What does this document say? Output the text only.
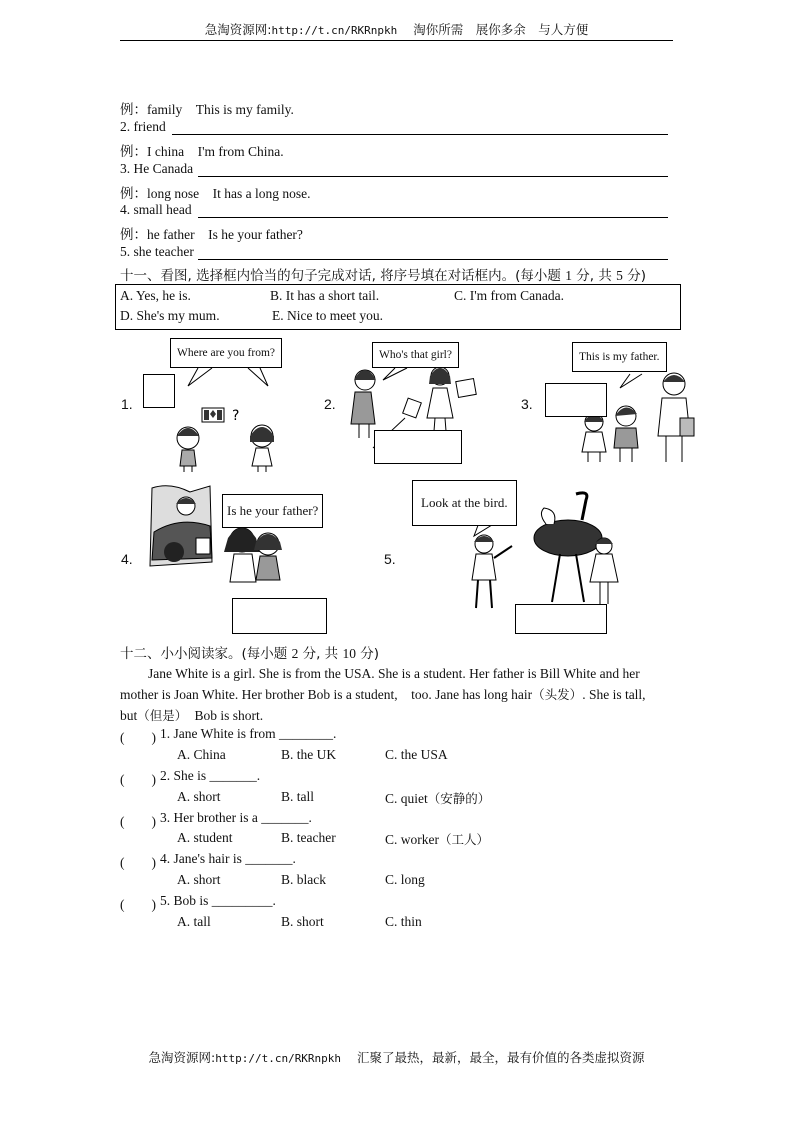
急淘资源网:http://t.cn/RKRnpkh 淘你所需　展你多余　与人方便
例：family　This is my family.
2. friend
例：I china　I'm from China.
3. He Canada
例：long nose　It has a long nose.
4. small head
例：he father　Is he your father?
5. she teacher
十一、看图, 选择框内恰当的句子完成对话, 将序号填在对话框内。(每小题 1 分, 共 5 分)
A. Yes, he is.	B. It has a short tail.	C. I'm from Canada.
D. She's my mum.	E. Nice to meet you.
1.
?
Where are you from?
2.
Who's that girl?
3.
This is my father.
4.
Is he your father?
5.
Look at the bird.
十二、小小阅读家。(每小题 2 分, 共 10 分)
Jane White is a girl. She is from the USA. She is a student. Her father is Bill White and her
mother is Joan White. Her brother Bob is a student,　too. Jane has long hair（头发）. She is tall,
but（但是）　Bob is short.
(　　) 1. Jane White is from ________.
A. China	B. the UK	C. the USA
(　　) 2. She is _______.
A. short	B. tall	C. quiet（安静的）
(　　) 3. Her brother is a _______.
A. student	B. teacher	C. worker（工人）
(　　) 4. Jane's hair is _______.
A. short	B. black	C. long
(　　) 5. Bob is _________.
A. tall	B. short	C. thin
急淘资源网:http://t.cn/RKRnpkh 汇聚了最热，最新，最全，最有价值的各类虚拟资源
